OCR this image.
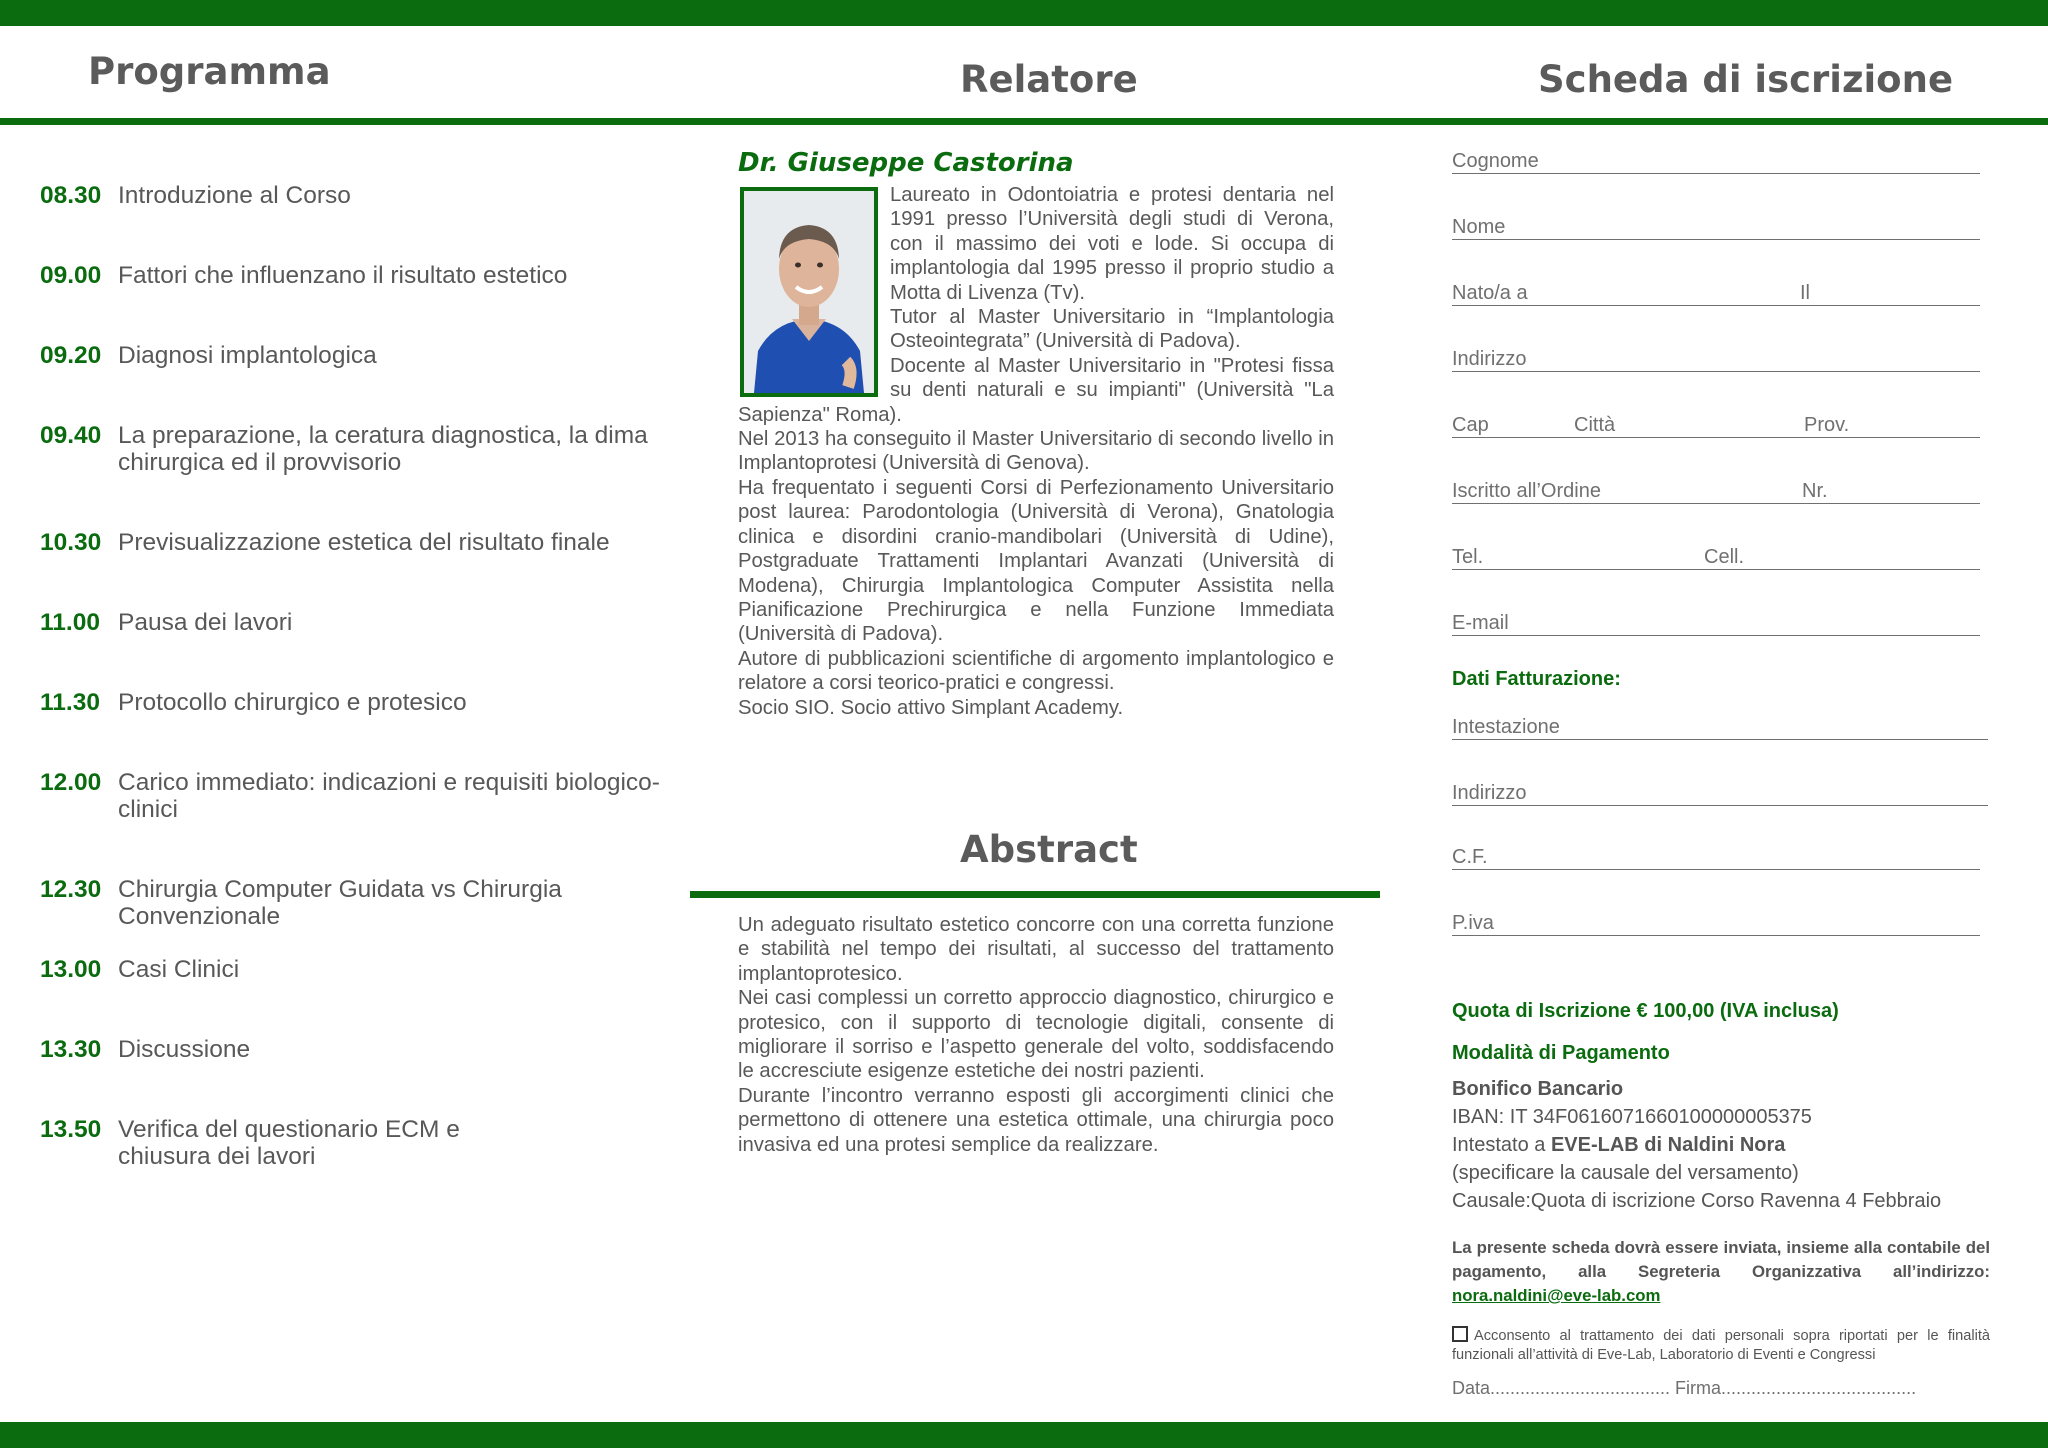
Programma	Relatore	Scheda di iscrizione
08.30 Introduzione al Corso
09.00 Fattori che influenzano il risultato estetico
09.20 Diagnosi implantologica
09.40 La preparazione, la ceratura diagnostica, la dima chirurgica ed il provvisorio
10.30 Previsualizzazione estetica del risultato finale
11.00 Pausa dei lavori
11.30 Protocollo chirurgico e protesico
12.00 Carico immediato: indicazioni e requisiti biologico-clinici
12.30 Chirurgia Computer Guidata vs Chirurgia Convenzionale
13.00 Casi Clinici
13.30 Discussione
13.50 Verifica del questionario ECM e chiusura dei lavori
Dr. Giuseppe Castorina

Laureato in Odontoiatria e protesi dentaria nel 1991 presso l’Università degli studi di Verona, con il massimo dei voti e lode. Si occupa di implantologia dal 1995 presso il proprio studio a Motta di Livenza (Tv).

Tutor al Master Universitario in “Implantologia Osteointegrata” (Università di Padova).

Docente al Master Universitario in "Protesi fissa su denti naturali e su impianti" (Università "La Sapienza" Roma).

Nel 2013 ha conseguito il Master Universitario di secondo livello in Implantoprotesi (Università di Genova).

Ha frequentato i seguenti Corsi di Perfezionamento Universitario post laurea: Parodontologia (Università di Verona), Gnatologia clinica e disordini cranio-mandibolari (Università di Udine), Postgraduate Trattamenti Implantari Avanzati (Università di Modena), Chirurgia Implantologica Computer Assistita nella Pianificazione Prechirurgica e nella Funzione Immediata (Università di Padova).

Autore di pubblicazioni scientifiche di argomento implantologico e relatore a corsi teorico-pratici e congressi.

Socio SIO. Socio attivo Simplant Academy.

Abstract

Un adeguato risultato estetico concorre con una corretta funzione e stabilità nel tempo dei risultati, al successo del trattamento implantoprotesico.

Nei casi complessi un corretto approccio diagnostico, chirurgico e protesico, con il supporto di tecnologie digitali, consente di migliorare il sorriso e l’aspetto generale del volto, soddisfacendo le accresciute esigenze estetiche dei nostri pazienti.

Durante l’incontro verranno esposti gli accorgimenti clinici che permettono di ottenere una estetica ottimale, una chirurgia poco invasiva ed una protesi semplice da realizzare.

Cognome
Nome
Nato/a a	Il
Indirizzo
Cap	Città	Prov.
Iscritto all’Ordine	Nr.
Tel.	Cell.
E-mail
Dati Fatturazione:
Intestazione
Indirizzo
C.F.
P.iva
Quota di Iscrizione € 100,00 (IVA inclusa)
Modalità di Pagamento
Bonifico Bancario
IBAN: IT 34F0616071660100000005375
Intestato a EVE-LAB di Naldini Nora
(specificare la causale del versamento)
Causale:Quota di iscrizione Corso Ravenna 4 Febbraio
La presente scheda dovrà essere inviata, insieme alla contabile del pagamento, alla Segreteria Organizzativa all’indirizzo: nora.naldini@eve-lab.com
Acconsento al trattamento dei dati personali sopra riportati per le finalità funzionali all’attività di Eve-Lab, Laboratorio di Eventi e Congressi
Data.................................... Firma.......................................
